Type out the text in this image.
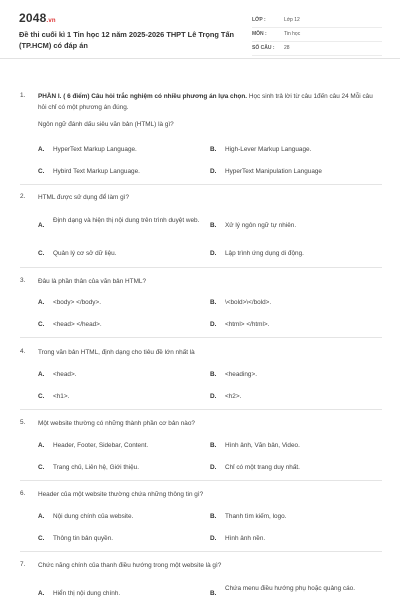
2048.vn
Đề thi cuối kì 1 Tin học 12 năm 2025-2026 THPT Lê Trọng Tấn (TP.HCM) có đáp án
LỚP :	Lớp 12
MÔN :	Tin học
SỐ CÂU : 28
1. PHẦN I. ( 6 điểm) Câu hỏi trắc nghiệm có nhiều phương án lựa chọn. Học sinh trả lời từ câu 1đến câu 24 Mỗi câu hỏi chỉ có một phương án đúng.
Ngôn ngữ đánh dấu siêu văn bản (HTML) là gì?
A. HyperText Markup Language.	B. High-Lever Markup Language.
C. Hybird Text Markup Language.	D. HyperText Manipulation Language
2. HTML được sử dụng để làm gì?
A.
Định dạng và hiện thị nội dung trên trình duyệt web.
B. Xử lý ngôn ngữ tự nhiên.
C. Quản lý cơ sở dữ liệu.	D. Lập trình ứng dụng di động.
3. Đâu là phần thân của văn bản HTML?
A. <body> </body>.	B. \<bold>\</bold>.
C. <head> </head>.	D. <html> </html>.
4. Trong văn bản HTML, định dạng cho tiêu đề lớn nhất là
A. <head>.	B. <heading>.
C. <h1>.	D. <h2>.
5. Một website thường có những thành phần cơ bản nào?
A. Header, Footer, Sidebar, Content.	B. Hình ảnh, Văn bản, Video.
C. Trang chủ, Liên hệ, Giới thiệu.	D. Chỉ có một trang duy nhất.
6. Header của một website thường chứa những thông tin gì?
A. Nội dung chính của website.	B. Thanh tìm kiếm, logo.
C. Thông tin bản quyền.	D. Hình ảnh nền.
7. Chức năng chính của thanh điều hướng trong một website là gì?
A. Hiển thị nội dung chính.	B.
Chứa menu điều hướng phụ hoặc quảng cáo.
